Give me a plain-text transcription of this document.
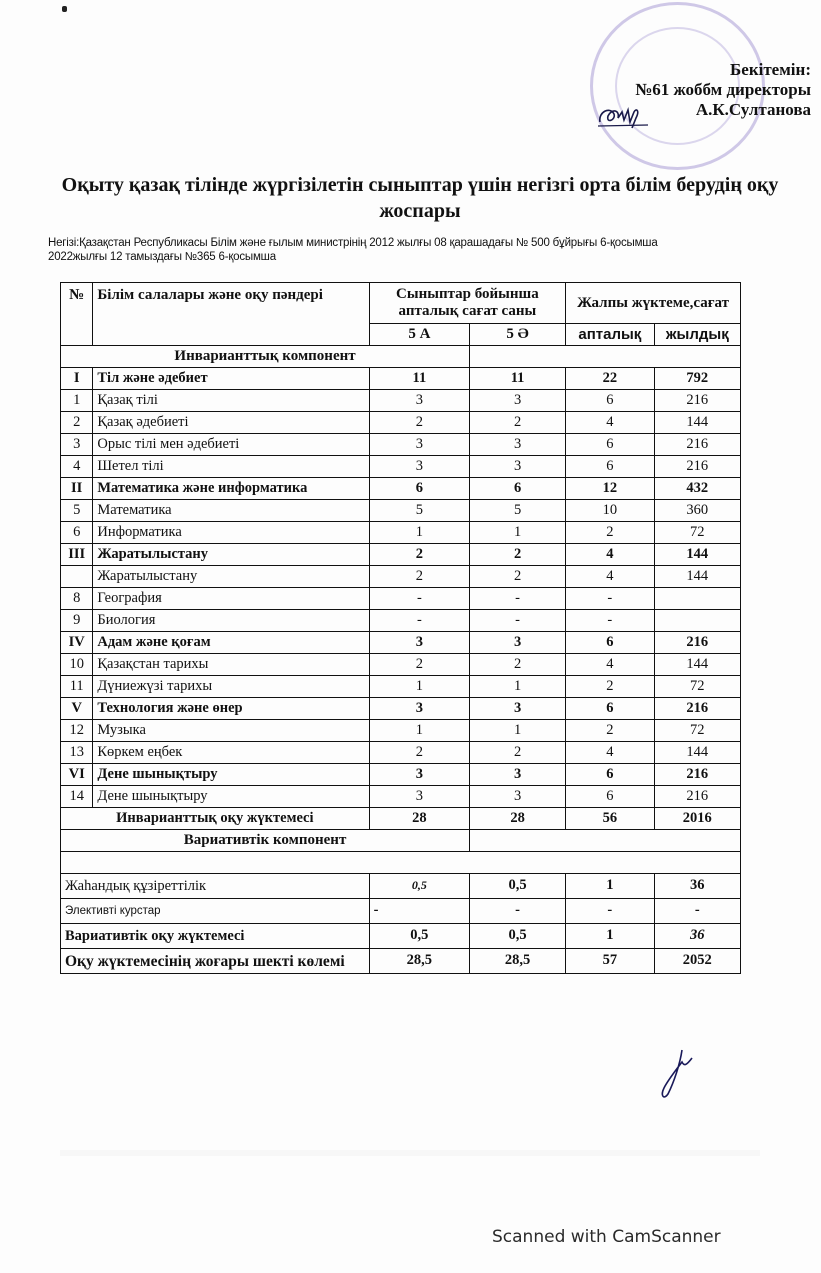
Бекітемін:
№61 жоббм директоры
А.К.Султанова
Оқыту қазақ тілінде жүргізілетін сыныптар үшін негізгі орта білім берудің оқу
жоспары
Негізі:Қазақстан Республикасы Білім және ғылым министрінің 2012 жылғы 08 қарашадағы № 500 бұйрығы 6-қосымша
2022жылғы 12 тамыздағы №365 6-қосымша
№	Білім салалары және оқу пәндері	Сыныптар бойынша апталық сағат саны		Жалпы жүктеме,сағат	
		5 А	5 Ә	апталық	жылдық
Инварианттық компонент					
I	Тіл және әдебиет	11	11	22	792
1	Қазақ тілі	3	3	6	216
2	Қазақ әдебиеті	2	2	4	144
3	Орыс тілі мен әдебиеті	3	3	6	216
4	Шетел тілі	3	3	6	216
II	Математика және информатика	6	6	12	432
5	Математика	5	5	10	360
6	Информатика	1	1	2	72
III	Жаратылыстану	2	2	4	144
	Жаратылыстану	2	2	4	144
8	География	-	-	-	
9	Биология	-	-	-	
IV	Адам және қоғам	3	3	6	216
10	Қазақстан тарихы	2	2	4	144
11	Дүниежүзі тарихы	1	1	2	72
V	Технология және өнер	3	3	6	216
12	Музыка	1	1	2	72
13	Көркем еңбек	2	2	4	144
VI	Дене шынықтыру	3	3	6	216
14	Дене шынықтыру	3	3	6	216
Инварианттық оқу жүктемесі		28	28	56	2016
Вариативтік компонент					

Жаһандық құзіреттілік		0,5	0,5	1	36
Элективті курстар		-	-	-	-
Вариативтік оқу жүктемесі		0,5	0,5	1	36
Оқу жүктемесінің жоғары шекті көлемі		28,5	28,5	57	2052
Scanned with CamScanner
